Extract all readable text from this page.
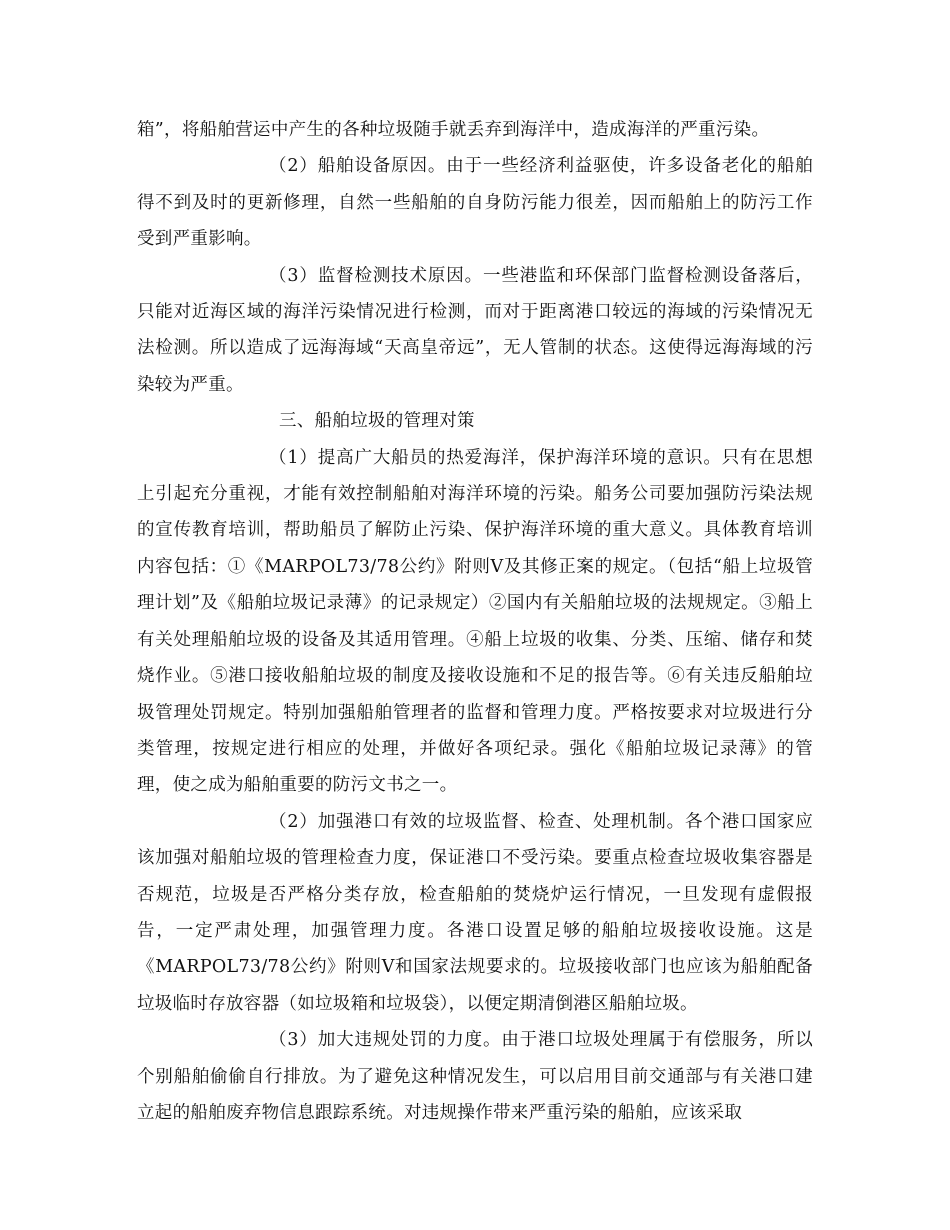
箱”，将船舶营运中产生的各种垃圾随手就丢弃到海洋中，造成海洋的严重污染。

（2）船舶设备原因。由于一些经济利益驱使，许多设备老化的船舶得不到及时的更新修理，自然一些船舶的自身防污能力很差，因而船舶上的防污工作受到严重影响。

（3）监督检测技术原因。一些港监和环保部门监督检测设备落后，只能对近海区域的海洋污染情况进行检测，而对于距离港口较远的海域的污染情况无法检测。所以造成了远海海域“天高皇帝远”，无人管制的状态。这使得远海海域的污染较为严重。

三、船舶垃圾的管理对策

（1）提高广大船员的热爱海洋，保护海洋环境的意识。只有在思想上引起充分重视，才能有效控制船舶对海洋环境的污染。船务公司要加强防污染法规的宣传教育培训，帮助船员了解防止污染、保护海洋环境的重大意义。具体教育培训内容包括：①《MARPOL73/78公约》附则Ⅴ及其修正案的规定。（包括“船上垃圾管理计划”及《船舶垃圾记录薄》的记录规定）②国内有关船舶垃圾的法规规定。③船上有关处理船舶垃圾的设备及其适用管理。④船上垃圾的收集、分类、压缩、储存和焚烧作业。⑤港口接收船舶垃圾的制度及接收设施和不足的报告等。⑥有关违反船舶垃圾管理处罚规定。特别加强船舶管理者的监督和管理力度。严格按要求对垃圾进行分类管理，按规定进行相应的处理，并做好各项纪录。强化《船舶垃圾记录薄》的管理，使之成为船舶重要的防污文书之一。

（2）加强港口有效的垃圾监督、检查、处理机制。各个港口国家应该加强对船舶垃圾的管理检查力度，保证港口不受污染。要重点检查垃圾收集容器是否规范，垃圾是否严格分类存放，检查船舶的焚烧炉运行情况，一旦发现有虚假报告，一定严肃处理，加强管理力度。各港口设置足够的船舶垃圾接收设施。这是《MARPOL73/78公约》附则Ⅴ和国家法规要求的。垃圾接收部门也应该为船舶配备垃圾临时存放容器（如垃圾箱和垃圾袋），以便定期清倒港区船舶垃圾。

（3）加大违规处罚的力度。由于港口垃圾处理属于有偿服务，所以个别船舶偷偷自行排放。为了避免这种情况发生，可以启用目前交通部与有关港口建立起的船舶废弃物信息跟踪系统。对违规操作带来严重污染的船舶，应该采取
